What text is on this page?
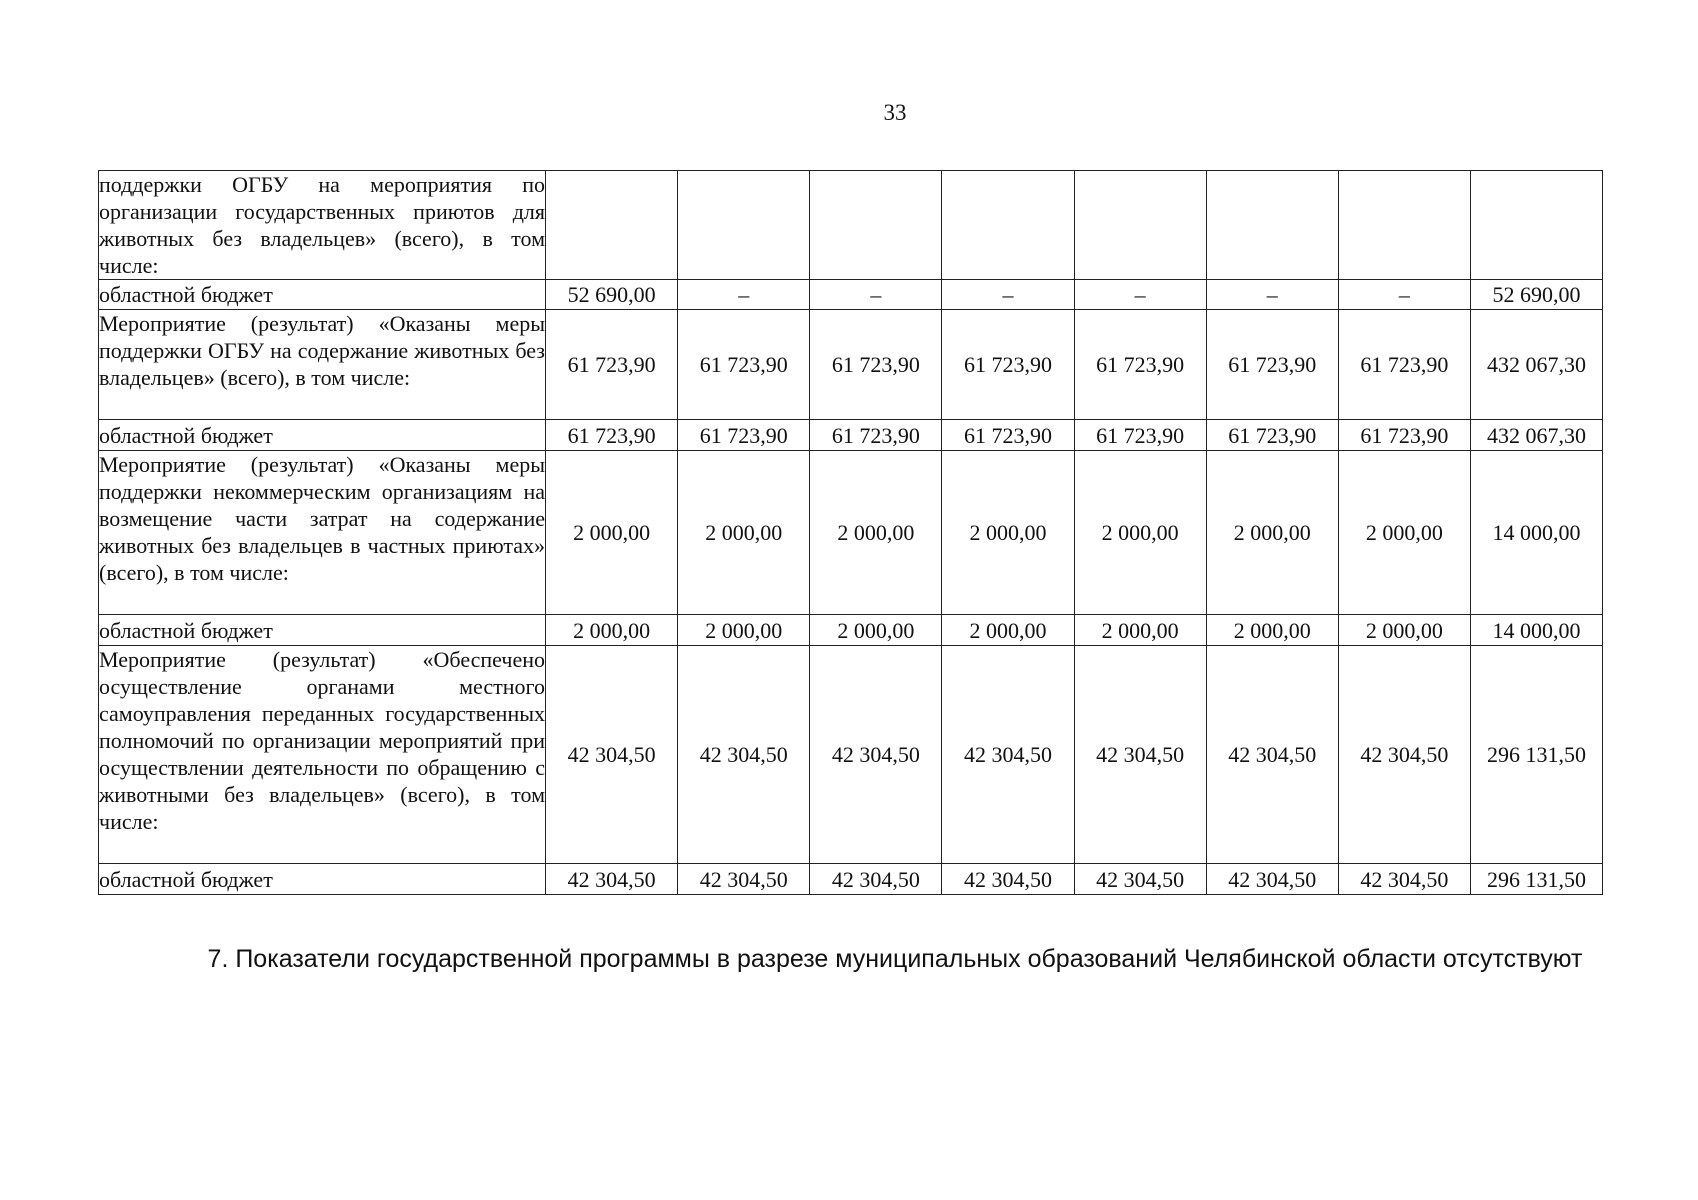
33
поддержки ОГБУ на мероприятия по организации государственных приютов для животных без владельцев» (всего), в том числе:								
областной бюджет	52 690,00	–	–	–	–	–	–	52 690,00
Мероприятие (результат) «Оказаны меры поддержки ОГБУ на содержание животных без владельцев» (всего), в том числе:	61 723,90	61 723,90	61 723,90	61 723,90	61 723,90	61 723,90	61 723,90	432 067,30
областной бюджет	61 723,90	61 723,90	61 723,90	61 723,90	61 723,90	61 723,90	61 723,90	432 067,30
Мероприятие (результат) «Оказаны меры поддержки некоммерческим организациям на возмещение части затрат на содержание животных без владельцев в частных приютах» (всего), в том числе:	2 000,00	2 000,00	2 000,00	2 000,00	2 000,00	2 000,00	2 000,00	14 000,00
областной бюджет	2 000,00	2 000,00	2 000,00	2 000,00	2 000,00	2 000,00	2 000,00	14 000,00
Мероприятие (результат) «Обеспечено осуществление органами местного самоуправления переданных государственных полномочий по организации мероприятий при осуществлении деятельности по обращению с животными без владельцев» (всего), в том числе:	42 304,50	42 304,50	42 304,50	42 304,50	42 304,50	42 304,50	42 304,50	296 131,50
областной бюджет	42 304,50	42 304,50	42 304,50	42 304,50	42 304,50	42 304,50	42 304,50	296 131,50
7. Показатели государственной программы в разрезе муниципальных образований Челябинской области отсутствуют
